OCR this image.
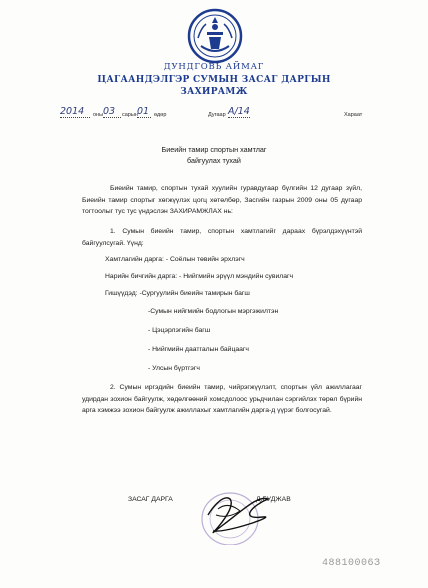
ДУНДГОВЬ АЙМАГ
ЦАГААНДЭЛГЭР СУМЫН ЗАСАГ ДАРГЫН
ЗАХИРАМЖ
2014	оны 03	сарын 01 өдөр	Дугаар А/14	Хараат
Биеийн тамир спортын хамтлаг
байгуулах тухай
Биеийн тамир, спортын тухай хуулийн гуравдугаар бүлгийн 12 дугаар зүйл, Биеийн тамир спортыг хөгжүүлэх цогц хөтөлбөр, Засгийн газрын 2009 оны 05 дугаар тогтоолыг тус тус үндэслэн ЗАХИРАМЖЛАХ нь:
1. Сумын биеийн тамир, спортын хамтлагийг дараах бүрэлдэхүүнтэй байгуулсугай. Үүнд:
Хамтлагийн дарга: - Соёлын төвийн эрхлэгч
Нарийн бичгийн дарга: - Нийгмийн эрүүл мэндийн сувилагч
Гишүүдэд: -Сургуулийн биеийн тамирын багш
-Сумын нийгмийн бодлогын мэргэжилтэн
- Цэцэрлэгийн багш
- Нийгмийн даатгалын байцаагч
- Улсын бүртгэгч
2. Сумын иргэдийн биеийн тамир, чийрэгжүүлэлт, спортын үйл ажиллагааг удирдан зохион байгуулж, хөдөлгөөний хомсдолоос урьдчилан сэргийлэх төрөл бүрийн арга хэмжээ зохион байгуулж ажиллахыг хамтлагийн дарга-д үүрэг болгосугай.
ЗАСАГ ДАРГА	Д.БУДЖАВ
48810006З
